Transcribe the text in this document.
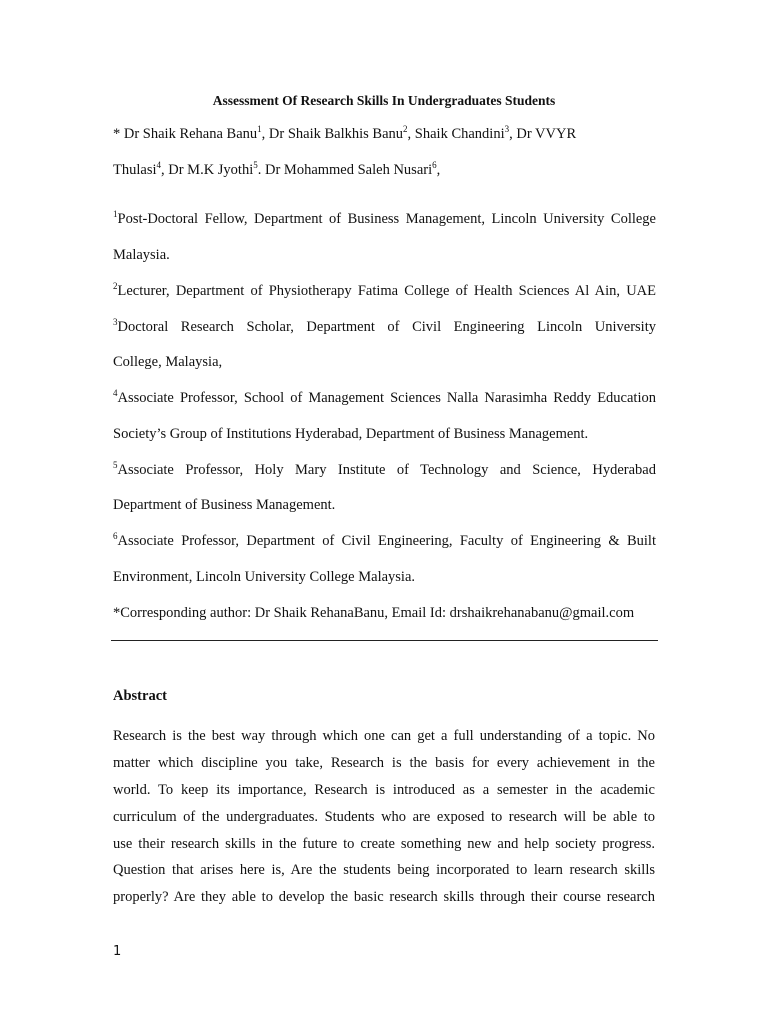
Assessment Of Research Skills In Undergraduates Students
* Dr Shaik Rehana Banu$^1$, Dr Shaik Balkhis Banu$^2$, Shaik Chandini$^3$, Dr VVYR
Thulasi$^4$, Dr M.K Jyothi$^5$. Dr Mohammed Saleh Nusari$^6$,
$^1$Post-Doctoral Fellow, Department of Business Management, Lincoln University College
Malaysia.
$^2$Lecturer, Department of Physiotherapy Fatima College of Health Sciences Al Ain, UAE
$^3$Doctoral Research Scholar, Department of Civil Engineering Lincoln University
College, Malaysia,
$^4$Associate Professor, School of Management Sciences Nalla Narasimha Reddy Education
Society’s Group of Institutions Hyderabad, Department of Business Management.
$^5$Associate Professor, Holy Mary Institute of Technology and Science, Hyderabad
Department of Business Management.
$^6$Associate Professor, Department of Civil Engineering, Faculty of Engineering & Built
Environment, Lincoln University College Malaysia.
*Corresponding author: Dr Shaik RehanaBanu, Email Id: drshaikrehanabanu@gmail.com
Abstract
Research is the best way through which one can get a full understanding of a topic. No
matter which discipline you take, Research is the basis for every achievement in the
world. To keep its importance, Research is introduced as a semester in the academic
curriculum of the undergraduates. Students who are exposed to research will be able to
use their research skills in the future to create something new and help society progress.
Question that arises here is, Are the students being incorporated to learn research skills
properly? Are they able to develop the basic research skills through their course research
1
